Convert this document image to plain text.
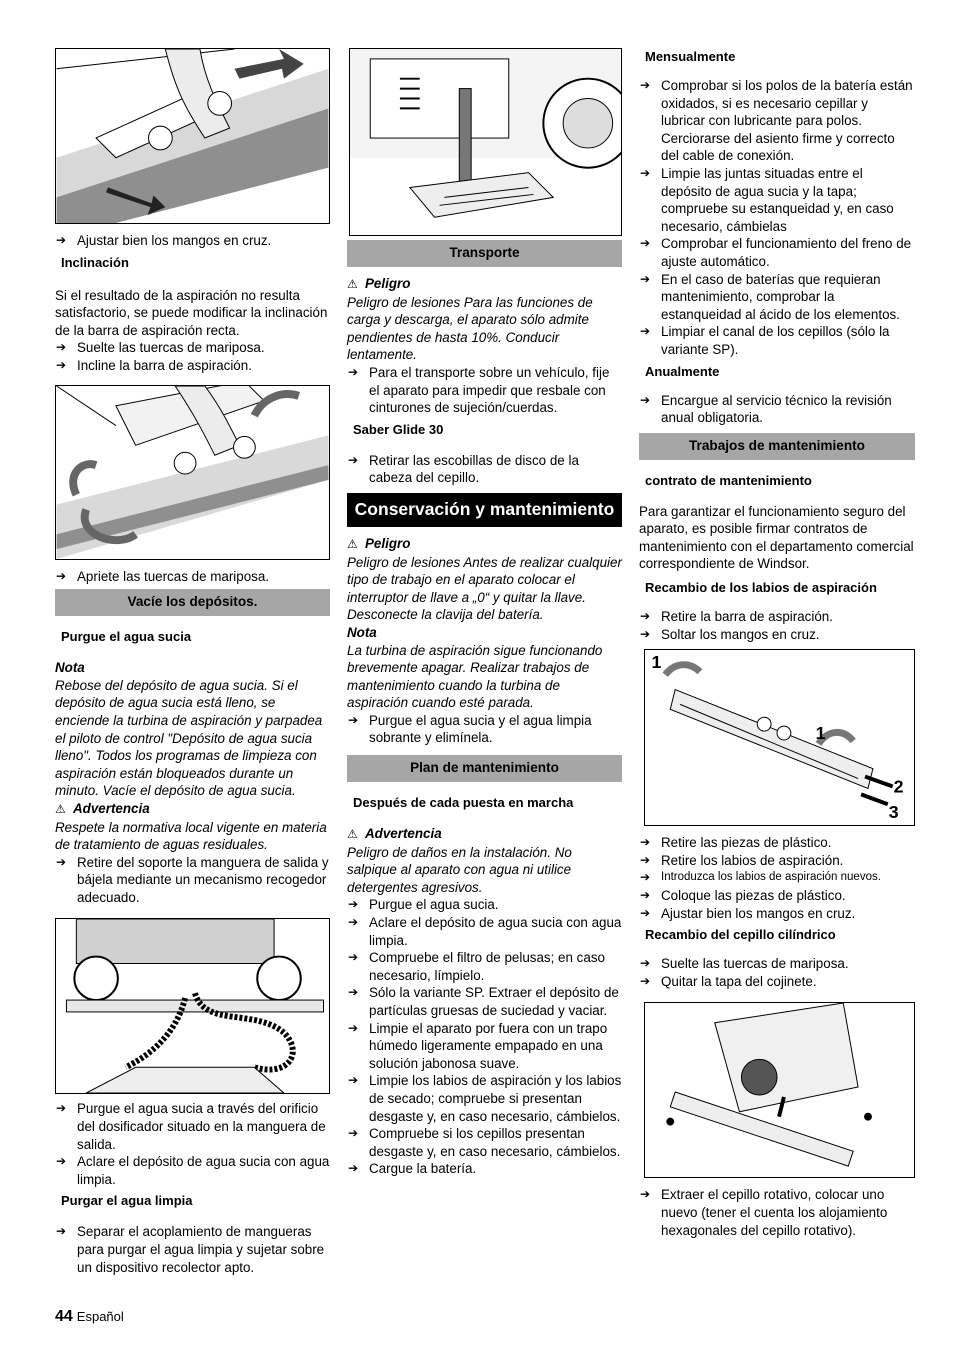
➔ Ajustar bien los mangos en cruz.

Inclinación

Si el resultado de la aspiración no resulta satisfactorio, se puede modificar la inclinación de la barra de aspiración recta.

➔ Suelte las tuercas de mariposa.
➔ Incline la barra de aspiración.
➔ Apriete las tuercas de mariposa.
Vacíe los depósitos.

Purgue el agua sucia

Nota

Rebose del depósito de agua sucia. Si el depósito de agua sucia está lleno, se enciende la turbina de aspiración y parpadea el piloto de control "Depósito de agua sucia lleno". Todos los programas de limpieza con aspiración están bloqueados durante un minuto. Vacíe el depósito de agua sucia.

⚠ Advertencia

Respete la normativa local vigente en materia de tratamiento de aguas residuales.

➔ Retire del soporte la manguera de salida y bájela mediante un mecanismo recogedor adecuado.
➔ Purgue el agua sucia a través del orificio del dosificador situado en la manguera de salida.
➔ Aclare el depósito de agua sucia con agua limpia.

Purgar el agua limpia

➔ Separar el acoplamiento de mangueras para purgar el agua limpia y sujetar sobre un dispositivo recolector apto.
Transporte

⚠ Peligro

Peligro de lesiones Para las funciones de carga y descarga, el aparato sólo admite pendientes de hasta 10%. Conducir lentamente.

➔ Para el transporte sobre un vehículo, fije el aparato para impedir que resbale con cinturones de sujeción/cuerdas.

Saber Glide 30

➔ Retirar las escobillas de disco de la cabeza del cepillo.
Conservación y mantenimiento

⚠ Peligro

Peligro de lesiones Antes de realizar cualquier tipo de trabajo en el aparato colocar el interruptor de llave a „0“ y quitar la llave. Desconecte la clavija del batería.

Nota

La turbina de aspiración sigue funcionando brevemente apagar. Realizar trabajos de mantenimiento cuando la turbina de aspiración cuando esté parada.

➔ Purgue el agua sucia y el agua limpia sobrante y elimínela.
Plan de mantenimiento

Después de cada puesta en marcha

⚠ Advertencia

Peligro de daños en la instalación. No salpique al aparato con agua ni utilice detergentes agresivos.

➔ Purgue el agua sucia.
➔ Aclare el depósito de agua sucia con agua limpia.
➔ Compruebe el filtro de pelusas; en caso necesario, límpielo.
➔ Sólo la variante SP. Extraer el depósito de partículas gruesas de suciedad y vaciar.
➔ Limpie el aparato por fuera con un trapo húmedo ligeramente empapado en una solución jabonosa suave.
➔ Limpie los labios de aspiración y los labios de secado; compruebe si presentan desgaste y, en caso necesario, cámbielos.
➔ Compruebe si los cepillos presentan desgaste y, en caso necesario, cámbielos.
➔ Cargue la batería.

Mensualmente

➔ Comprobar si los polos de la batería están oxidados, si es necesario cepillar y lubricar con lubricante para polos. Cerciorarse del asiento firme y correcto del cable de conexión.
➔ Limpie las juntas situadas entre el depósito de agua sucia y la tapa; compruebe su estanqueidad y, en caso necesario, cámbielas
➔ Comprobar el funcionamiento del freno de ajuste automático.
➔ En el caso de baterías que requieran mantenimiento, comprobar la estanqueidad al ácido de los elementos.
➔ Limpiar el canal de los cepillos (sólo la variante SP).

Anualmente

➔ Encargue al servicio técnico la revisión anual obligatoria.
Trabajos de mantenimiento

contrato de mantenimiento

Para garantizar el funcionamiento seguro del aparato, es posible firmar contratos de mantenimiento con el departamento comercial correspondiente de Windsor.

Recambio de los labios de aspiración

➔ Retire la barra de aspiración.
➔ Soltar los mangos en cruz.
1
1
2
3
➔ Retire las piezas de plástico.
➔ Retire los labios de aspiración.
➔ Introduzca los labios de aspiración nuevos.
➔ Coloque las piezas de plástico.
➔ Ajustar bien los mangos en cruz.

Recambio del cepillo cilíndrico

➔ Suelte las tuercas de mariposa.
➔ Quitar la tapa del cojinete.
➔ Extraer el cepillo rotativo, colocar uno nuevo (tener el cuenta los alojamiento hexagonales del cepillo rotativo).
44 Español
